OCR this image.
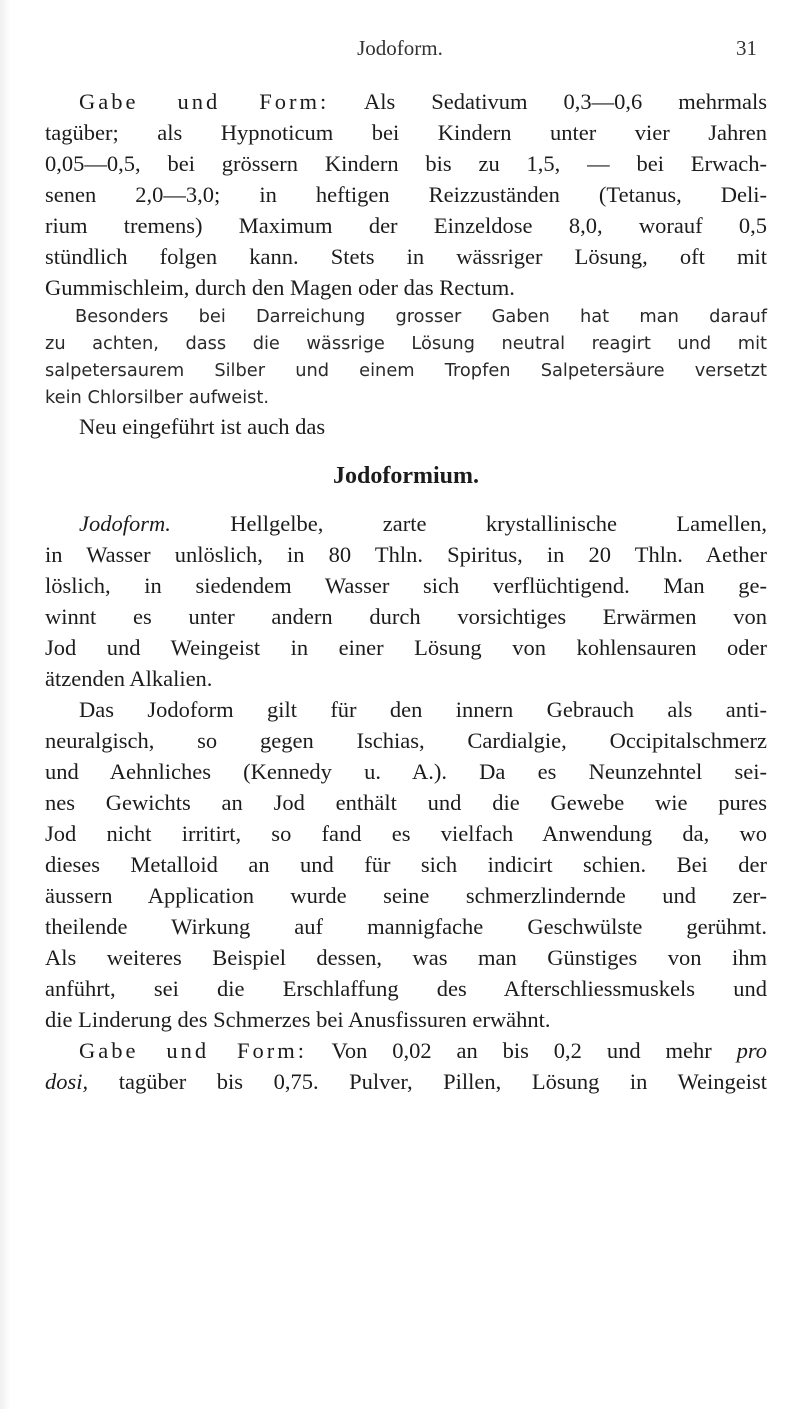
Jodoform.	31
Gabe und Form: Als Sedativum 0,3—0,6 mehrmals
tagüber; als Hypnoticum bei Kindern unter vier Jahren
0,05—0,5, bei grössern Kindern bis zu 1,5, — bei Erwach-
senen 2,0—3,0; in heftigen Reizzuständen (Tetanus, Deli-
rium tremens) Maximum der Einzeldose 8,0, worauf 0,5
stündlich folgen kann. Stets in wässriger Lösung, oft mit
Gummischleim, durch den Magen oder das Rectum.
Besonders bei Darreichung grosser Gaben hat man darauf
zu achten, dass die wässrige Lösung neutral reagirt und mit
salpetersaurem Silber und einem Tropfen Salpetersäure versetzt
kein Chlorsilber aufweist.
Neu eingeführt ist auch das
Jodoformium.
Jodoform.	Hellgelbe, zarte krystallinische Lamellen,
in Wasser unlöslich, in 80 Thln. Spiritus, in 20 Thln. Aether
löslich, in siedendem Wasser sich verflüchtigend. Man ge-
winnt es unter andern durch vorsichtiges Erwärmen von
Jod und Weingeist in einer Lösung von kohlensauren oder
ätzenden Alkalien.
Das Jodoform gilt für den innern Gebrauch als anti-
neuralgisch, so gegen Ischias, Cardialgie, Occipitalschmerz
und Aehnliches (Kennedy u. A.). Da es Neunzehntel sei-
nes Gewichts an Jod enthält und die Gewebe wie pures
Jod nicht irritirt, so fand es vielfach Anwendung da, wo
dieses Metalloid an und für sich indicirt schien. Bei der
äussern Application wurde seine schmerzlindernde und zer-
theilende Wirkung auf mannigfache Geschwülste gerühmt.
Als weiteres Beispiel dessen, was man Günstiges von ihm
anführt, sei die Erschlaffung des Afterschliessmuskels und
die Linderung des Schmerzes bei Anusfissuren erwähnt.
Gabe und Form: Von 0,02 an bis 0,2 und mehr pro
dosi, tagüber bis 0,75. Pulver, Pillen, Lösung in Weingeist
